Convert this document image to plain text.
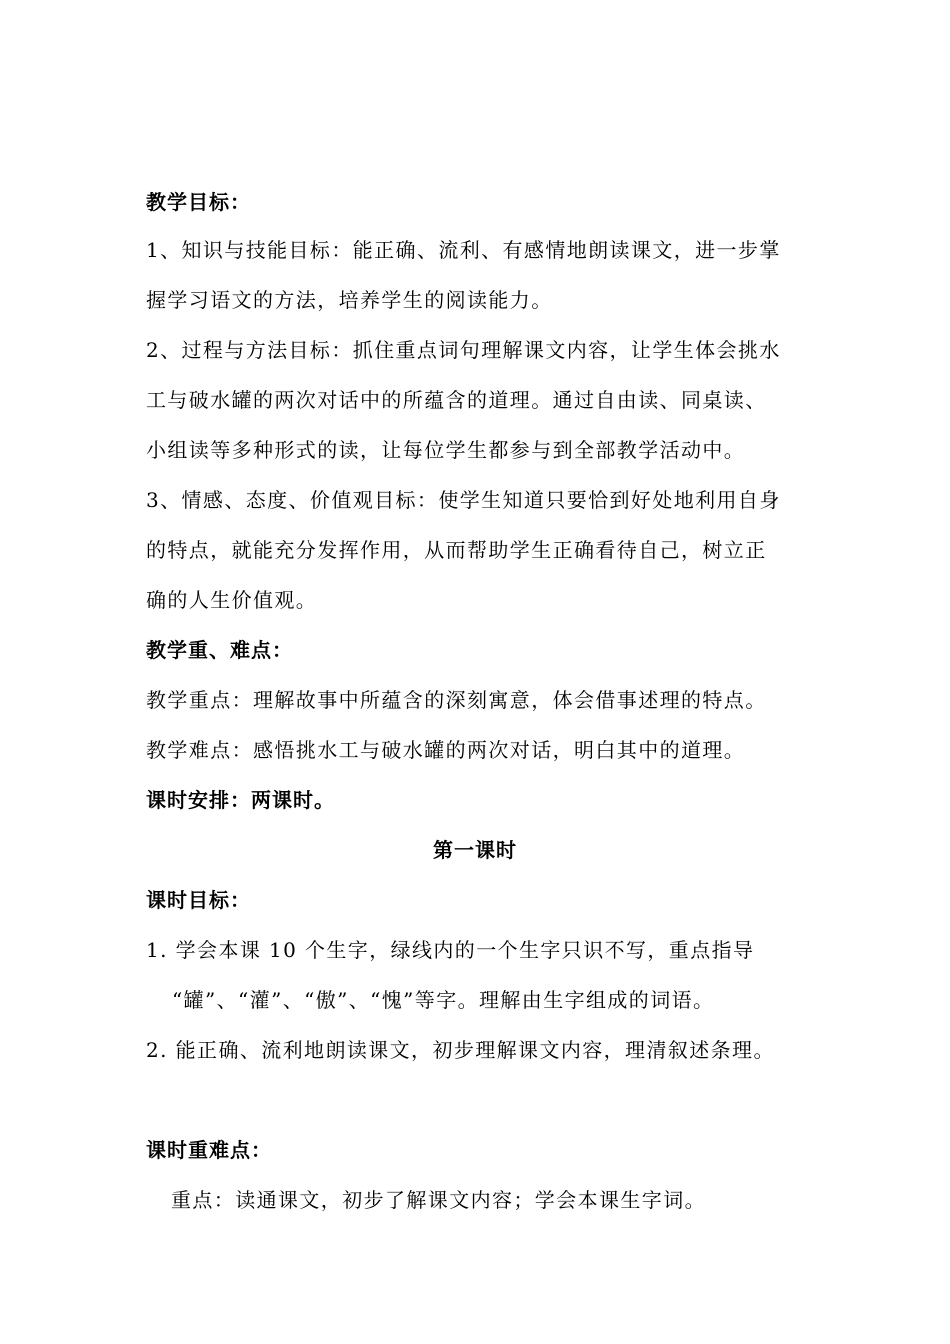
教学目标：
1、知识与技能目标：能正确、流利、有感情地朗读课文，进一步掌
握学习语文的方法，培养学生的阅读能力。
2、过程与方法目标：抓住重点词句理解课文内容，让学生体会挑水
工与破水罐的两次对话中的所蕴含的道理。通过自由读、同桌读、
小组读等多种形式的读，让每位学生都参与到全部教学活动中。
3、情感、态度、价值观目标：使学生知道只要恰到好处地利用自身
的特点，就能充分发挥作用，从而帮助学生正确看待自己，树立正
确的人生价值观。
教学重、难点：
教学重点：理解故事中所蕴含的深刻寓意，体会借事述理的特点。
教学难点：感悟挑水工与破水罐的两次对话，明白其中的道理。
课时安排：两课时。
第一课时
课时目标：
1. 学会本课 10 个生字，绿线内的一个生字只识不写，重点指导
“罐”、“灌”、“傲”、“愧”等字。理解由生字组成的词语。
2. 能正确、流利地朗读课文，初步理解课文内容，理清叙述条理。
课时重难点：
重点：读通课文，初步了解课文内容；学会本课生字词。
